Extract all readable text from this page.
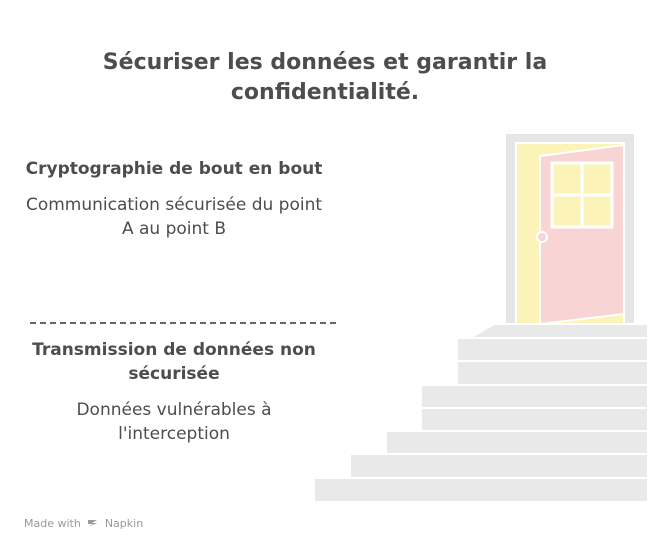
Sécuriser les données et garantir la confidentialité.
Cryptographie de bout en bout

Communication sécurisée du point A au point B

Transmission de données non sécurisée

Données vulnérables à l'interception

Made with Napkin
